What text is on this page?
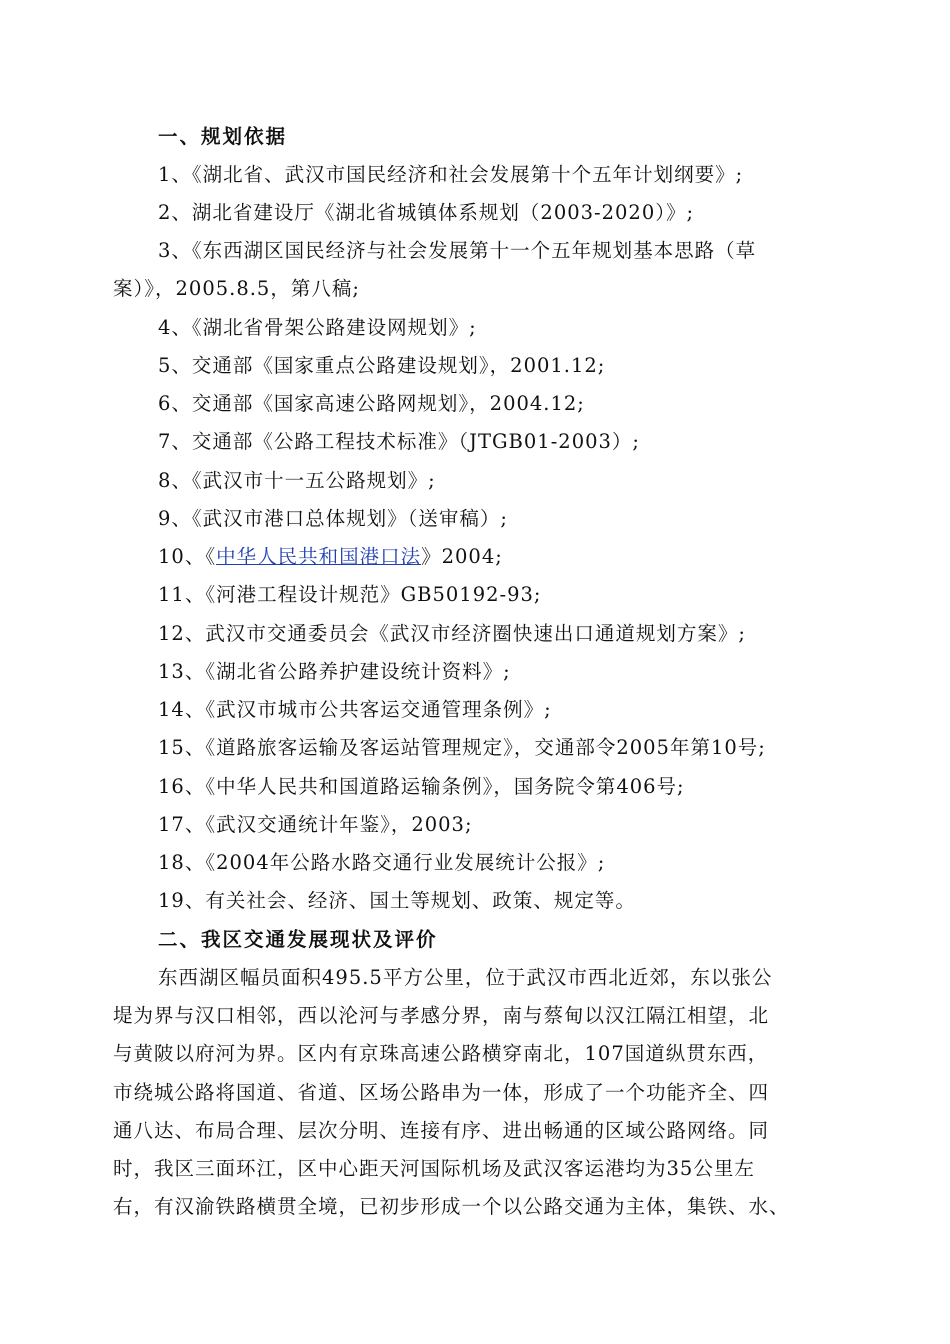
一、规划依据
1、《湖北省、武汉市国民经济和社会发展第十个五年计划纲要》;
2、湖北省建设厅《湖北省城镇体系规划（2003-2020）》;
3、《东西湖区国民经济与社会发展第十一个五年规划基本思路（草
案）》，2005.8.5，第八稿;
4、《湖北省骨架公路建设网规划》;
5、交通部《国家重点公路建设规划》，2001.12;
6、交通部《国家高速公路网规划》，2004.12;
7、交通部《公路工程技术标准》（JTGB01-2003）;
8、《武汉市十一五公路规划》;
9、《武汉市港口总体规划》（送审稿）;
10、《中华人民共和国港口法》2004;
11、《河港工程设计规范》GB50192-93;
12、武汉市交通委员会《武汉市经济圈快速出口通道规划方案》;
13、《湖北省公路养护建设统计资料》;
14、《武汉市城市公共客运交通管理条例》;
15、《道路旅客运输及客运站管理规定》，交通部令2005年第10号;
16、《中华人民共和国道路运输条例》，国务院令第406号;
17、《武汉交通统计年鉴》，2003;
18、《2004年公路水路交通行业发展统计公报》;
19、有关社会、经济、国土等规划、政策、规定等。
二、我区交通发展现状及评价
东西湖区幅员面积495.5平方公里，位于武汉市西北近郊，东以张公
堤为界与汉口相邻，西以沦河与孝感分界，南与蔡甸以汉江隔江相望，北
与黄陂以府河为界。区内有京珠高速公路横穿南北，107国道纵贯东西，
市绕城公路将国道、省道、区场公路串为一体，形成了一个功能齐全、四
通八达、布局合理、层次分明、连接有序、进出畅通的区域公路网络。同
时，我区三面环江，区中心距天河国际机场及武汉客运港均为35公里左
右，有汉渝铁路横贯全境，已初步形成一个以公路交通为主体，集铁、水、
